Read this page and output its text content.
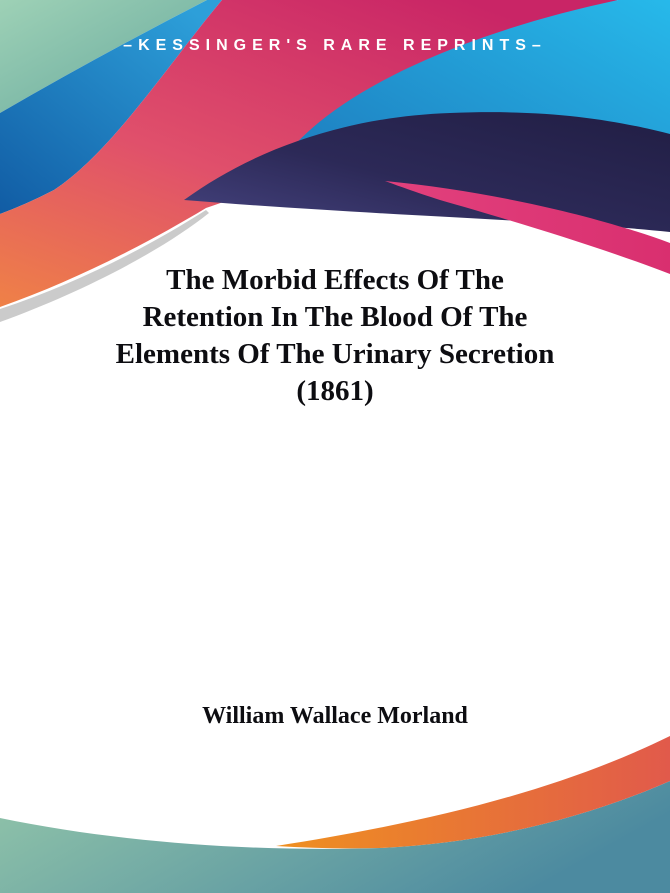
–KESSINGER'S RARE REPRINTS–
The Morbid Effects Of The
Retention In The Blood Of The
Elements Of The Urinary Secretion
(1861)
William Wallace Morland
